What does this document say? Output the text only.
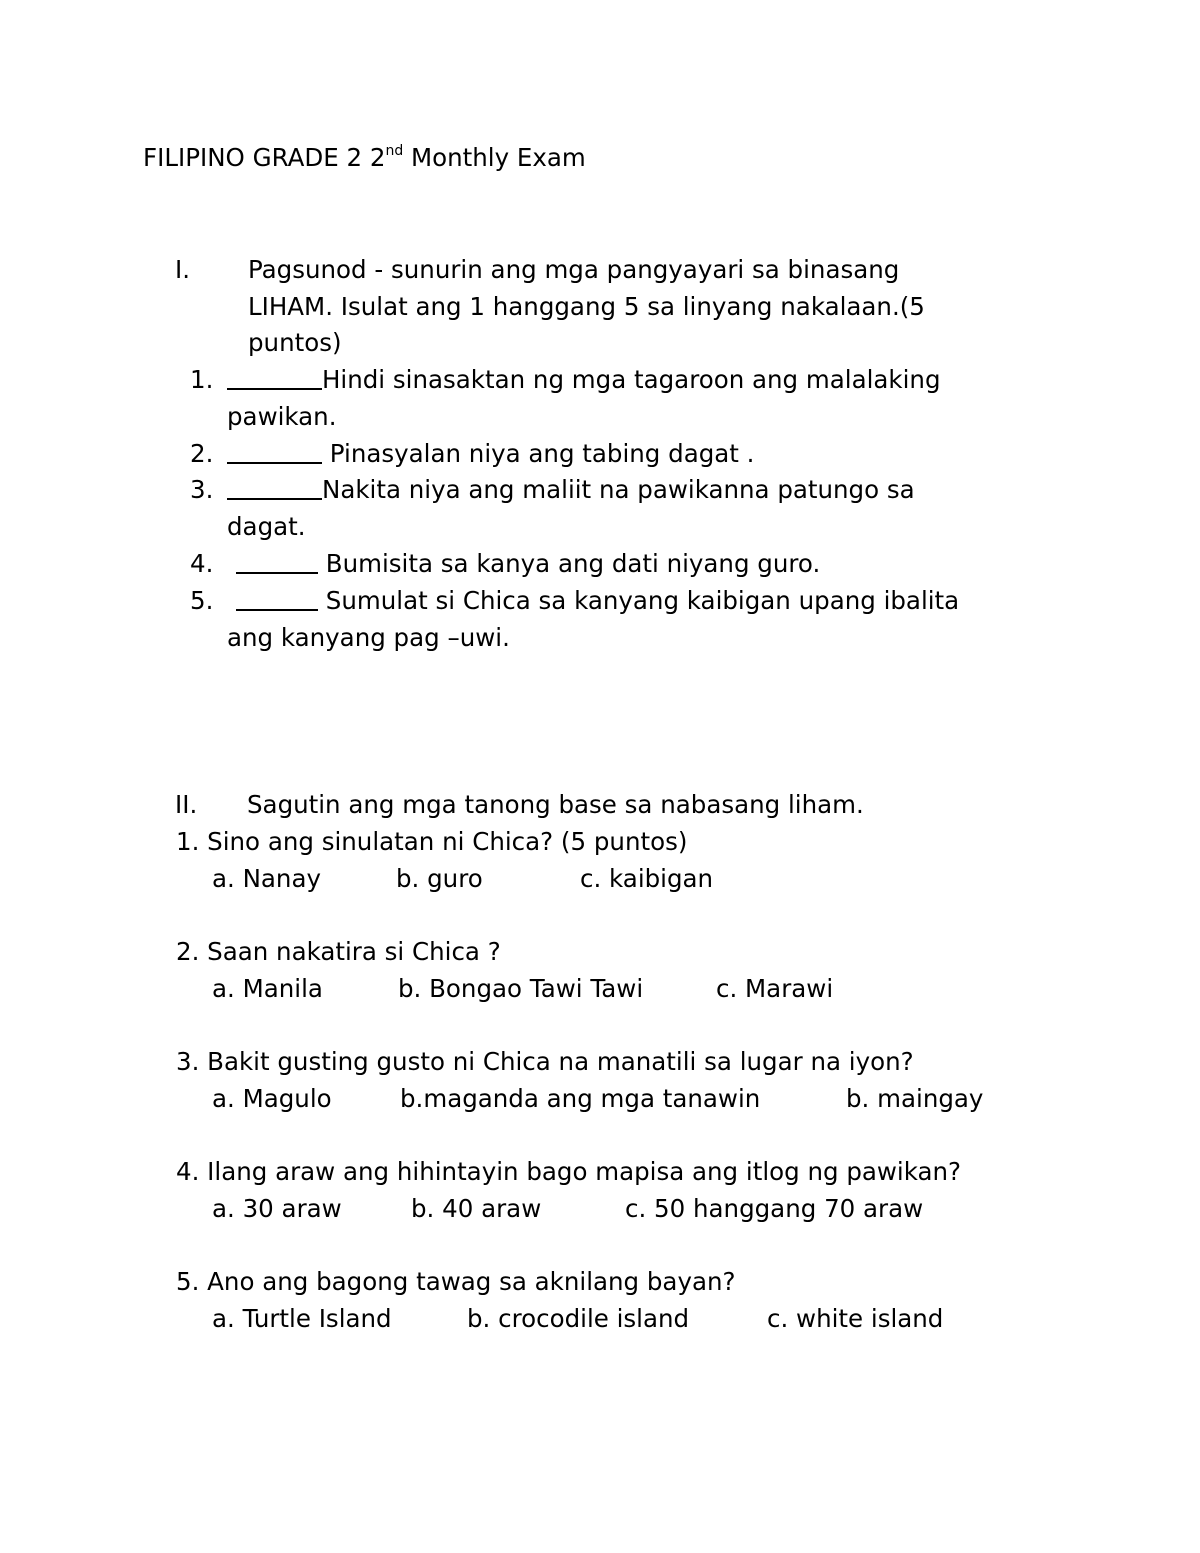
FILIPINO GRADE 2 2nd Monthly Exam
I. Pagsunod - sunurin ang mga pangyayari sa binasang
LIHAM. Isulat ang 1 hanggang 5 sa linyang nakalaan.(5
puntos)
1.	Hindi sinasaktan ng mga tagaroon ang malalaking
pawikan.
2.	Pinasyalan niya ang tabing dagat .
3.	Nakita niya ang maliit na pawikanna patungo sa
dagat.
4.	Bumisita sa kanya ang dati niyang guro.
5.	Sumulat si Chica sa kanyang kaibigan upang ibalita
ang kanyang pag –uwi.
II. Sagutin ang mga tanong base sa nabasang liham.
1. Sino ang sinulatan ni Chica? (5 puntos)
a. Nanay	b. guro	c. kaibigan
2. Saan nakatira si Chica ?
a. Manila	b. Bongao Tawi Tawi	c. Marawi
3. Bakit gusting gusto ni Chica na manatili sa lugar na iyon?
a. Magulo	b.maganda ang mga tanawin	b. maingay
4. Ilang araw ang hihintayin bago mapisa ang itlog ng pawikan?
a. 30 araw	b. 40 araw	c. 50 hanggang 70 araw
5. Ano ang bagong tawag sa aknilang bayan?
a. Turtle Island	b. crocodile island	c. white island
